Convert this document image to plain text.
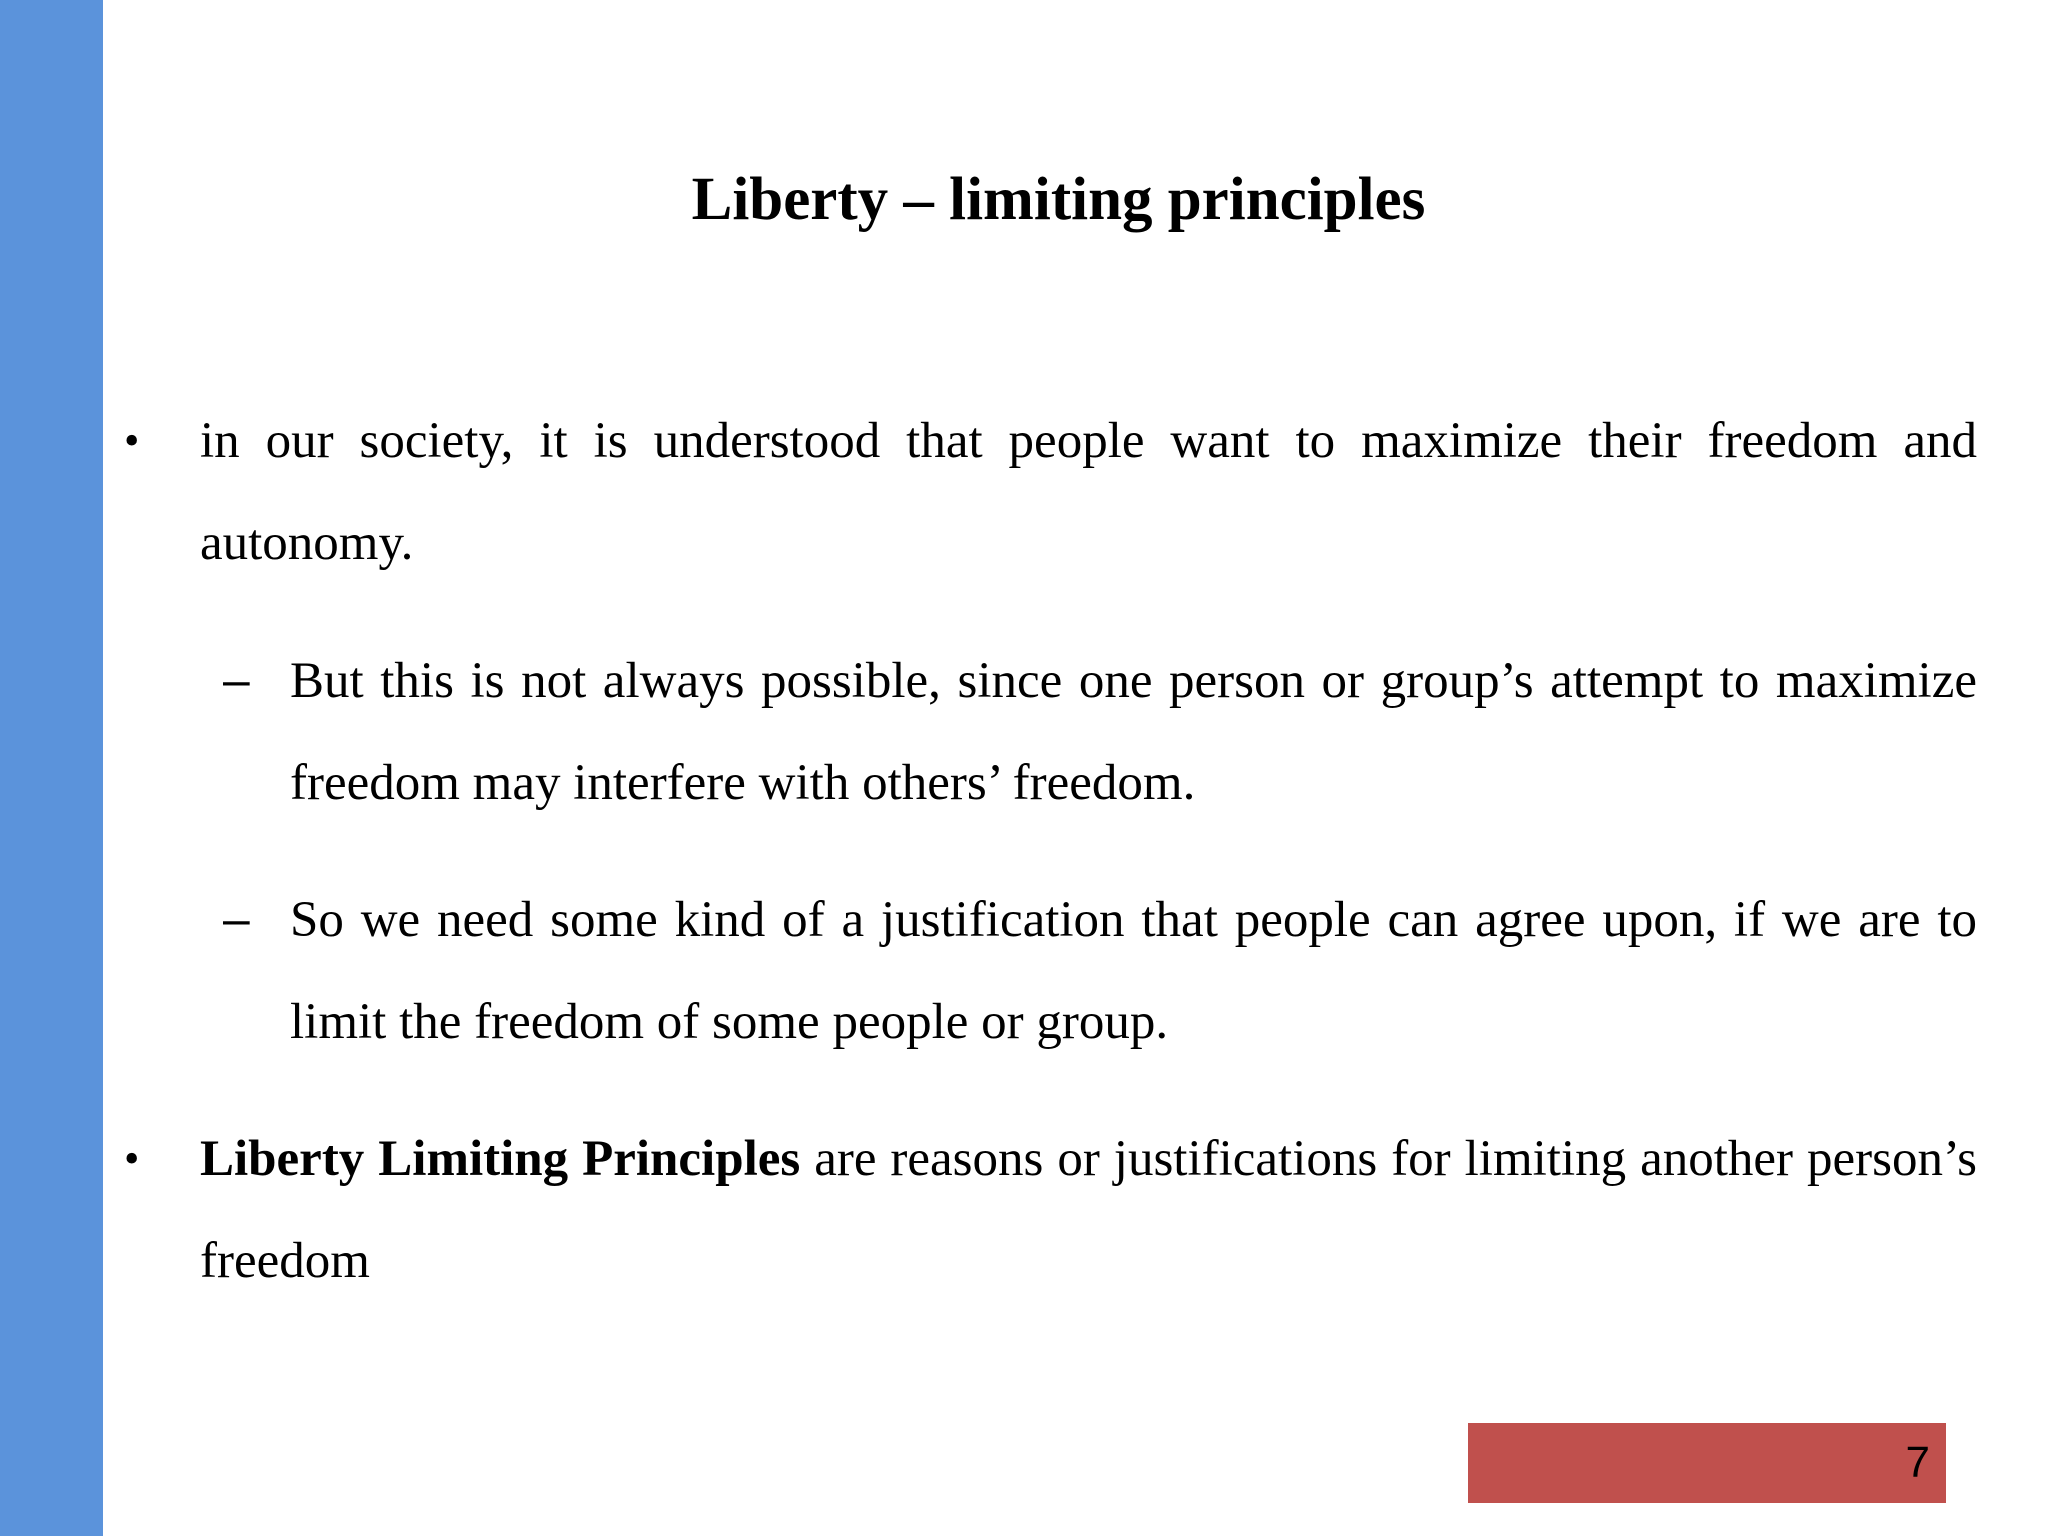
Liberty – limiting principles
• in our society, it is understood that people want to maximize their freedom and autonomy.
– But this is not always possible, since one person or group’s attempt to maximize freedom may interfere with others’ freedom.
– So we need some kind of a justification that people can agree upon, if we are to limit the freedom of some people or group.
• Liberty Limiting Principles are reasons or justifications for limiting another person’s freedom
7
